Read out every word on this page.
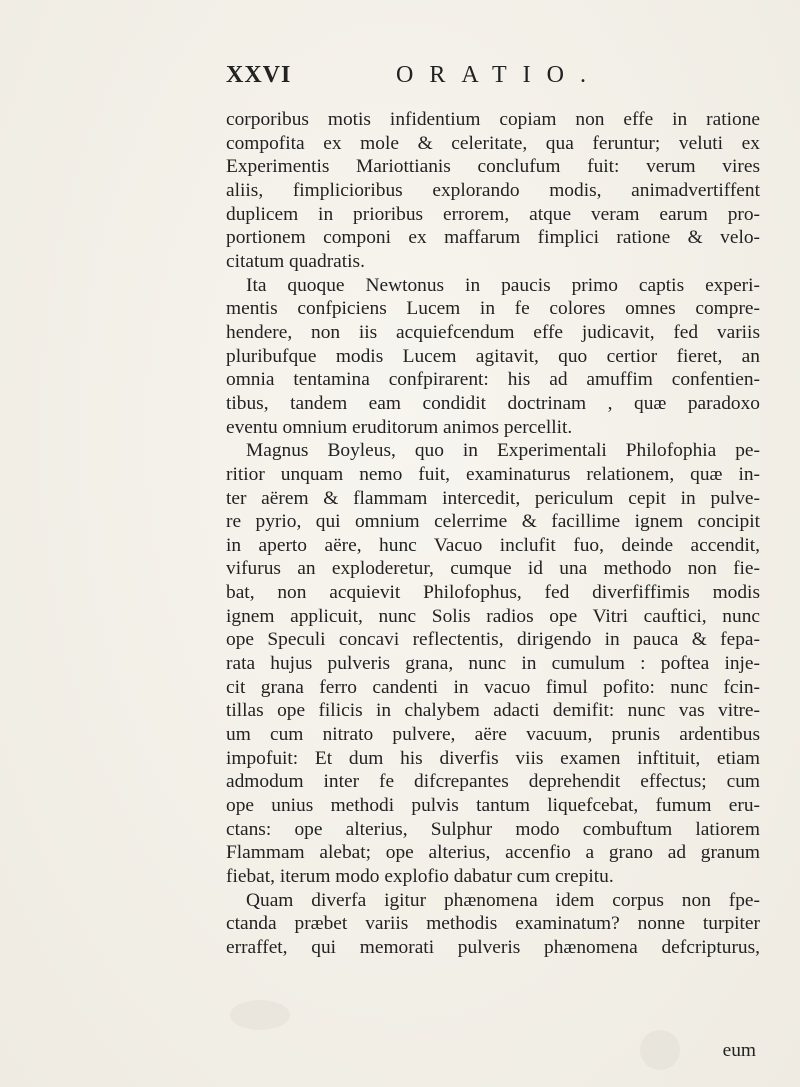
XXVI	ORATIO.

corporibus motis infidentium copiam non effe in ratione
compofita ex mole & celeritate, qua feruntur; veluti ex
Experimentis Mariottianis conclufum fuit: verum vires
aliis, fimplicioribus explorando modis, animadvertiffent
duplicem in prioribus errorem, atque veram earum pro-
portionem componi ex maffarum fimplici ratione & velo-
citatum quadratis.

Ita quoque Newtonus in paucis primo captis experi-
mentis confpiciens Lucem in fe colores omnes compre-
hendere, non iis acquiefcendum effe judicavit, fed variis
pluribufque modis Lucem agitavit, quo certior fieret, an
omnia tentamina confpirarent: his ad amuffim confentien-
tibus, tandem eam condidit doctrinam , quæ paradoxo
eventu omnium eruditorum animos percellit.

Magnus Boyleus, quo in Experimentali Philofophia pe-
ritior unquam nemo fuit, examinaturus relationem, quæ in-
ter aërem & flammam intercedit, periculum cepit in pulve-
re pyrio, qui omnium celerrime & facillime ignem concipit
in aperto aëre, hunc Vacuo inclufit fuo, deinde accendit,
vifurus an exploderetur, cumque id una methodo non fie-
bat, non acquievit Philofophus, fed diverfiffimis modis
ignem applicuit, nunc Solis radios ope Vitri cauftici, nunc
ope Speculi concavi reflectentis, dirigendo in pauca & fepa-
rata hujus pulveris grana, nunc in cumulum : poftea inje-
cit grana ferro candenti in vacuo fimul pofito: nunc fcin-
tillas ope filicis in chalybem adacti demifit: nunc vas vitre-
um cum nitrato pulvere, aëre vacuum, prunis ardentibus
impofuit: Et dum his diverfis viis examen inftituit, etiam
admodum inter fe difcrepantes deprehendit effectus; cum
ope unius methodi pulvis tantum liquefcebat, fumum eru-
ctans: ope alterius, Sulphur modo combuftum latiorem
Flammam alebat; ope alterius, accenfio a grano ad granum
fiebat, iterum modo explofio dabatur cum crepitu.

Quam diverfa igitur phænomena idem corpus non fpe-
ctanda præbet variis methodis examinatum? nonne turpiter
erraffet, qui memorati pulveris phænomena defcripturus,

eum
